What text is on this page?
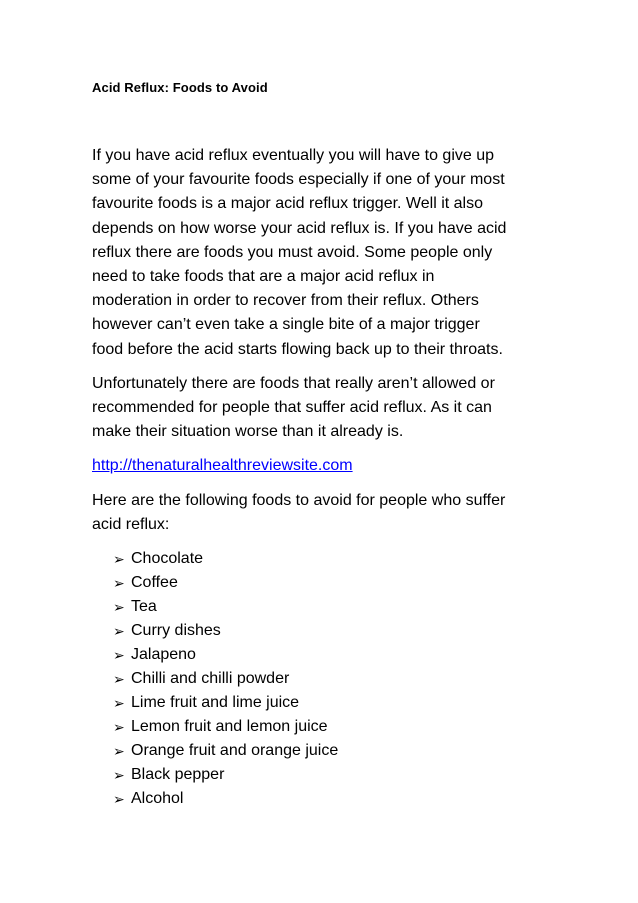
Acid Reflux: Foods to Avoid

If you have acid reflux eventually you will have to give up
some of your favourite foods especially if one of your most
favourite foods is a major acid reflux trigger. Well it also
depends on how worse your acid reflux is. If you have acid
reflux there are foods you must avoid. Some people only
need to take foods that are a major acid reflux in
moderation in order to recover from their reflux. Others
however can’t even take a single bite of a major trigger
food before the acid starts flowing back up to their throats.

Unfortunately there are foods that really aren’t allowed or
recommended for people that suffer acid reflux. As it can
make their situation worse than it already is.

http://thenaturalhealthreviewsite.com

Here are the following foods to avoid for people who suffer
acid reflux:

➢ Chocolate
➢ Coffee
➢ Tea
➢ Curry dishes
➢ Jalapeno
➢ Chilli and chilli powder
➢ Lime fruit and lime juice
➢ Lemon fruit and lemon juice
➢ Orange fruit and orange juice
➢ Black pepper
➢ Alcohol
